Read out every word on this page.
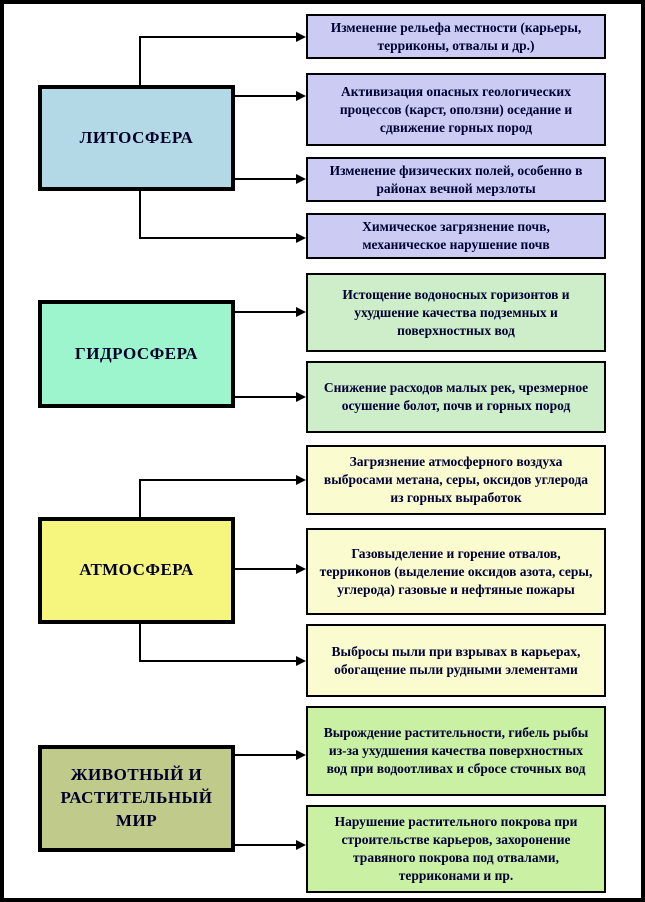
ЛИТОСФЕРА
ГИДРОСФЕРА
АТМОСФЕРА
ЖИВОТНЫЙ И РАСТИТЕЛЬНЫЙ МИР
Изменение рельефа местности (карьеры, терриконы, отвалы и др.)
Активизация опасных геологических процессов (карст, оползни) оседание и сдвижение горных пород
Изменение физических полей, особенно в районах вечной мерзлоты
Химическое загрязнение почв, механическое нарушение почв
Истощение водоносных горизонтов и ухудшение качества подземных и поверхностных вод
Снижение расходов малых рек, чрезмерное осушение болот, почв и горных пород
Загрязнение атмосферного воздуха выбросами метана, серы, оксидов углерода из горных выработок
Газовыделение и горение отвалов, терриконов (выделение оксидов азота, серы, углерода) газовые и нефтяные пожары
Выбросы пыли при взрывах в карьерах, обогащение пыли рудными элементами
Вырождение растительности, гибель рыбы из-за ухудшения качества поверхностных вод при водоотливах и сбросе сточных вод
Нарушение растительного покрова при строительстве карьеров, захоронение травяного покрова под отвалами, терриконами и пр.
